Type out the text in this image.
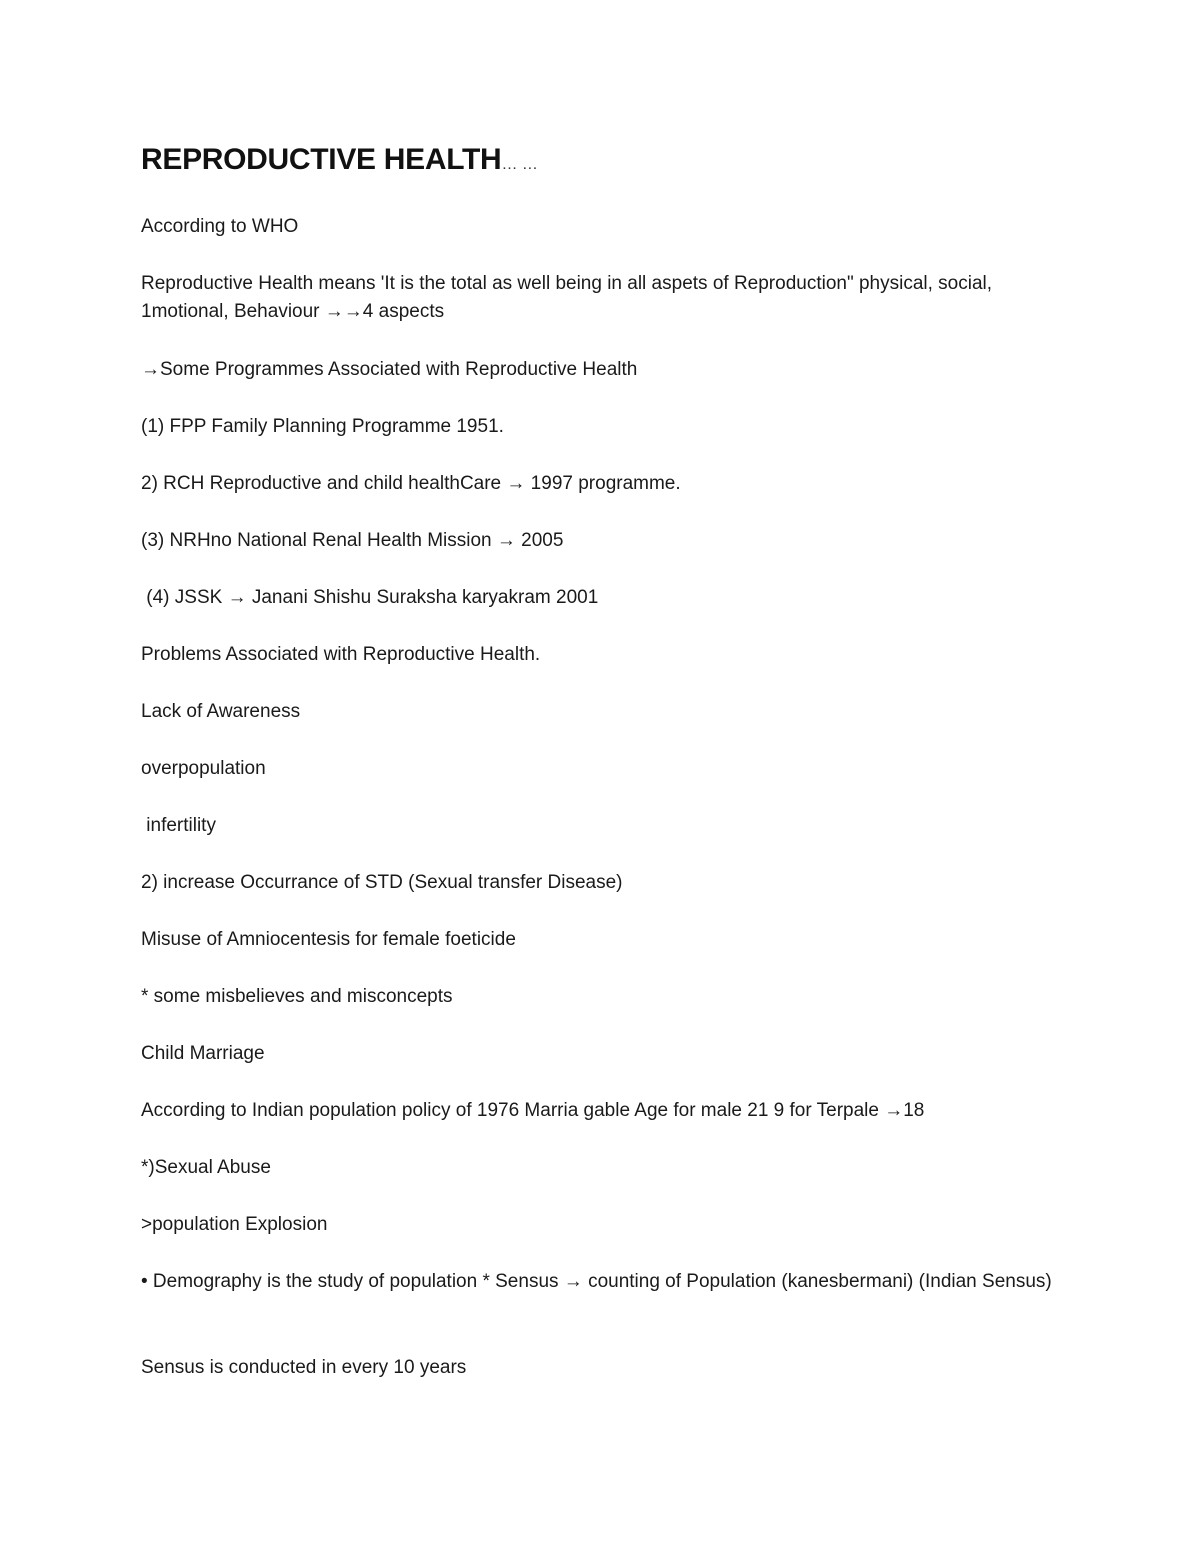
REPRODUCTIVE HEALTH… …
According to WHO
Reproductive Health means 'It is the total as well being in all aspets of Reproduction" physical, social, 1motional, Behaviour →→4 aspects
→Some Programmes Associated with Reproductive Health
(1) FPP Family Planning Programme 1951.
2) RCH Reproductive and child healthCare → 1997 programme.
(3) NRHno National Renal Health Mission → 2005
(4) JSSK → Janani Shishu Suraksha karyakram 2001
Problems Associated with Reproductive Health.
Lack of Awareness
overpopulation
infertility
2) increase Occurrance of STD (Sexual transfer Disease)
Misuse of Amniocentesis for female foeticide
* some misbelieves and misconcepts
Child Marriage
According to Indian population policy of 1976 Marria gable Age for male 21 9 for Terpale →18
*)Sexual Abuse
>population Explosion
• Demography is the study of population * Sensus → counting of Population (kanesbermani) (Indian Sensus)
Sensus is conducted in every 10 years
